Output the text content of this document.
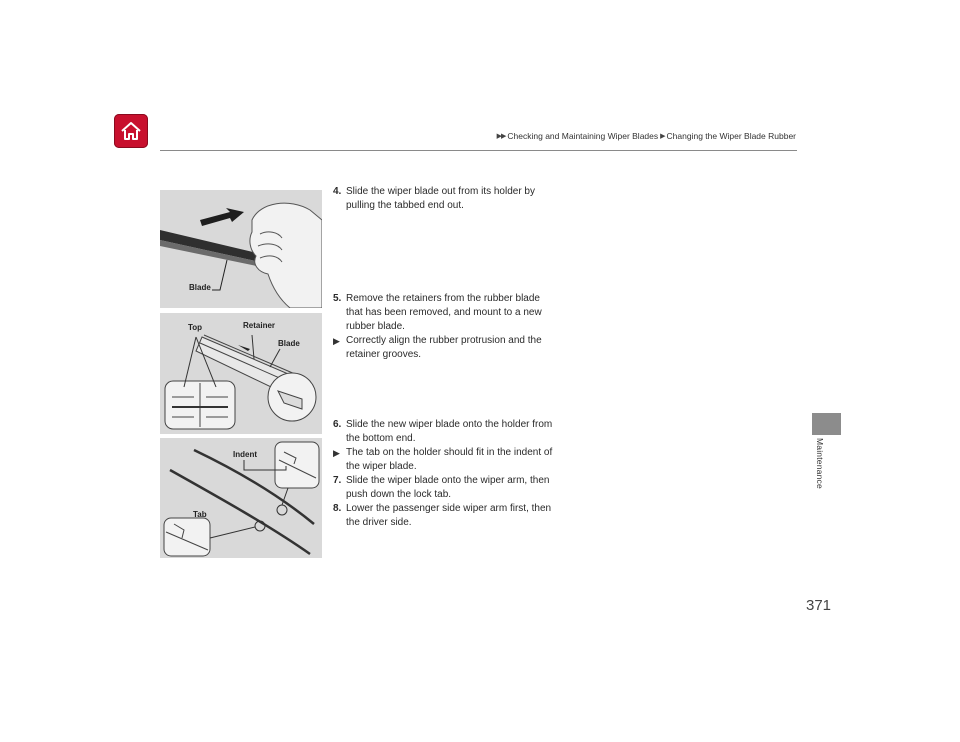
▶▶ Checking and Maintaining Wiper Blades ▶ Changing the Wiper Blade Rubber
Maintenance
Blade
Top	Retainer
Blade
Indent
Tab
4. Slide the wiper blade out from its holder by pulling the tabbed end out.
5. Remove the retainers from the rubber blade that has been removed, and mount to a new rubber blade.
▶ Correctly align the rubber protrusion and the retainer grooves.
6. Slide the new wiper blade onto the holder from the bottom end.
▶ The tab on the holder should fit in the indent of the wiper blade.
7. Slide the wiper blade onto the wiper arm, then push down the lock tab.
8. Lower the passenger side wiper arm first, then the driver side.
371
